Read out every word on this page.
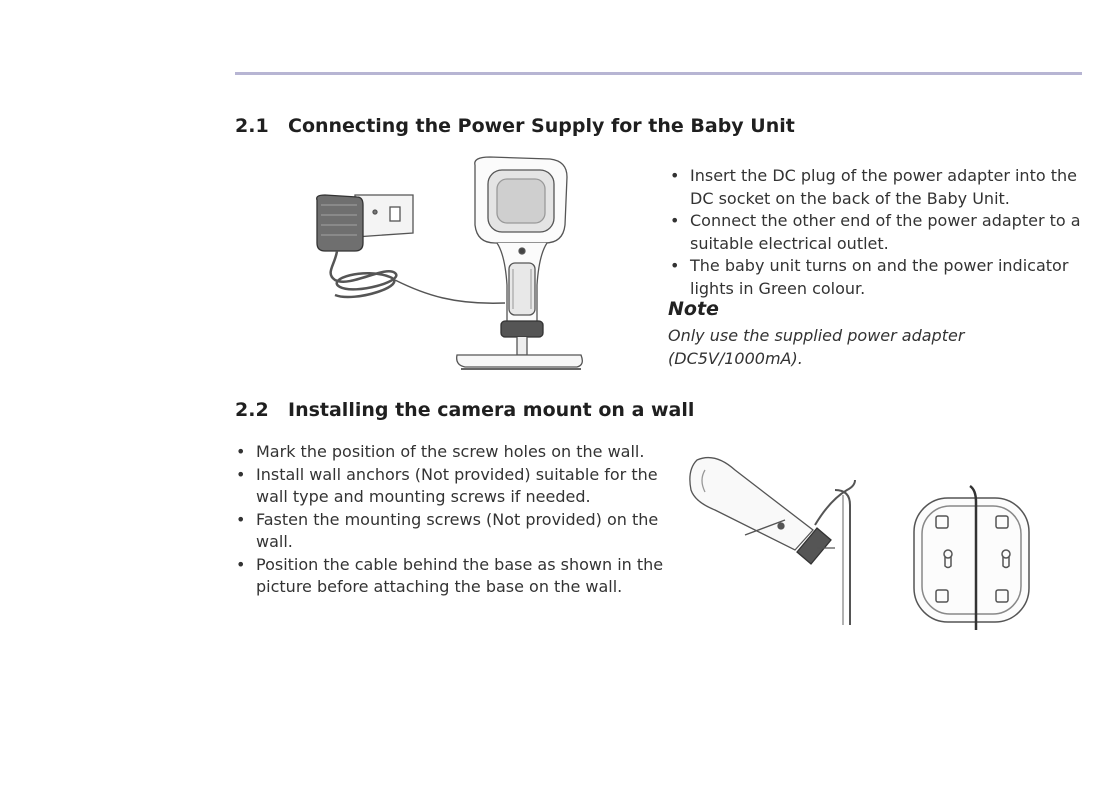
2.1 Connecting the Power Supply for the Baby Unit
• Insert the DC plug of the power adapter into the DC socket on the back of the Baby Unit.
• Connect the other end of the power adapter to a suitable electrical outlet.
• The baby unit turns on and the power indicator lights in Green colour.

Note

Only use the supplied power adapter (DC5V/1000mA).

2.2 Installing the camera mount on a wall
• Mark the position of the screw holes on the wall.
• Install wall anchors (Not provided) suitable for the wall type and mounting screws if needed.
• Fasten the mounting screws (Not provided) on the wall.
• Position the cable behind the base as shown in the picture before attaching the base on the wall.
